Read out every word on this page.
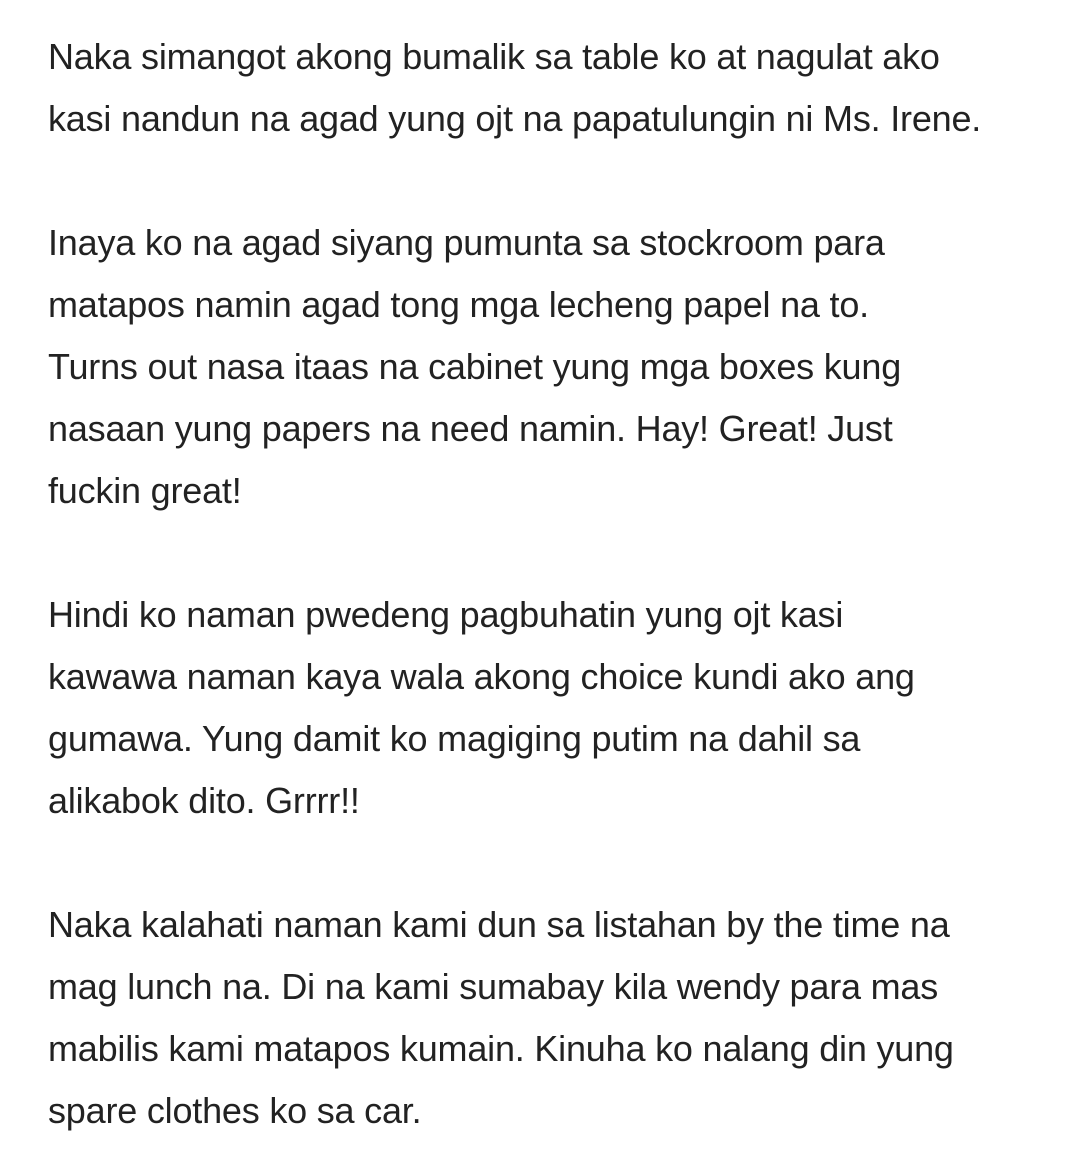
Naka simangot akong bumalik sa table ko at nagulat ako
kasi nandun na agad yung ojt na papatulungin ni Ms. Irene.

Inaya ko na agad siyang pumunta sa stockroom para
matapos namin agad tong mga lecheng papel na to.
Turns out nasa itaas na cabinet yung mga boxes kung
nasaan yung papers na need namin. Hay! Great! Just
fuckin great!

Hindi ko naman pwedeng pagbuhatin yung ojt kasi
kawawa naman kaya wala akong choice kundi ako ang
gumawa. Yung damit ko magiging putim na dahil sa
alikabok dito. Grrrr!!

Naka kalahati naman kami dun sa listahan by the time na
mag lunch na. Di na kami sumabay kila wendy para mas
mabilis kami matapos kumain. Kinuha ko nalang din yung
spare clothes ko sa car.
